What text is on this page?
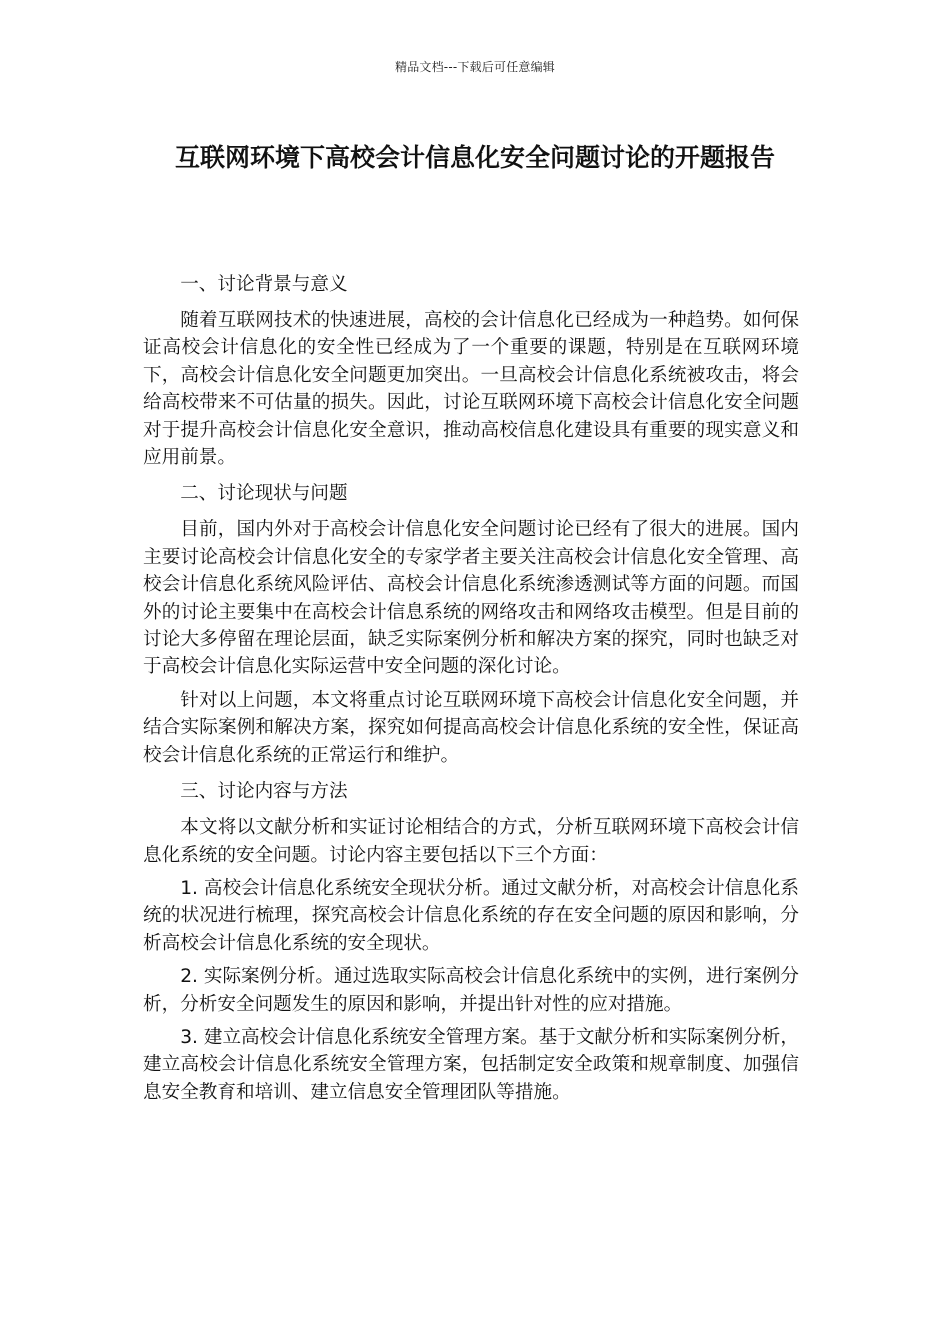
精品文档---下载后可任意编辑
互联网环境下高校会计信息化安全问题讨论的开题报告

一、讨论背景与意义

随着互联网技术的快速进展，高校的会计信息化已经成为一种趋势。如何保证高校会计信息化的安全性已经成为了一个重要的课题，特别是在互联网环境下，高校会计信息化安全问题更加突出。一旦高校会计信息化系统被攻击，将会给高校带来不可估量的损失。因此，讨论互联网环境下高校会计信息化安全问题对于提升高校会计信息化安全意识，推动高校信息化建设具有重要的现实意义和应用前景。

二、讨论现状与问题

目前，国内外对于高校会计信息化安全问题讨论已经有了很大的进展。国内主要讨论高校会计信息化安全的专家学者主要关注高校会计信息化安全管理、高校会计信息化系统风险评估、高校会计信息化系统渗透测试等方面的问题。而国外的讨论主要集中在高校会计信息系统的网络攻击和网络攻击模型。但是目前的讨论大多停留在理论层面，缺乏实际案例分析和解决方案的探究，同时也缺乏对于高校会计信息化实际运营中安全问题的深化讨论。

针对以上问题，本文将重点讨论互联网环境下高校会计信息化安全问题，并结合实际案例和解决方案，探究如何提高高校会计信息化系统的安全性，保证高校会计信息化系统的正常运行和维护。

三、讨论内容与方法

本文将以文献分析和实证讨论相结合的方式，分析互联网环境下高校会计信息化系统的安全问题。讨论内容主要包括以下三个方面：

1. 高校会计信息化系统安全现状分析。通过文献分析，对高校会计信息化系统的状况进行梳理，探究高校会计信息化系统的存在安全问题的原因和影响，分析高校会计信息化系统的安全现状。

2. 实际案例分析。通过选取实际高校会计信息化系统中的实例，进行案例分析，分析安全问题发生的原因和影响，并提出针对性的应对措施。

3. 建立高校会计信息化系统安全管理方案。基于文献分析和实际案例分析，建立高校会计信息化系统安全管理方案，包括制定安全政策和规章制度、加强信息安全教育和培训、建立信息安全管理团队等措施。
